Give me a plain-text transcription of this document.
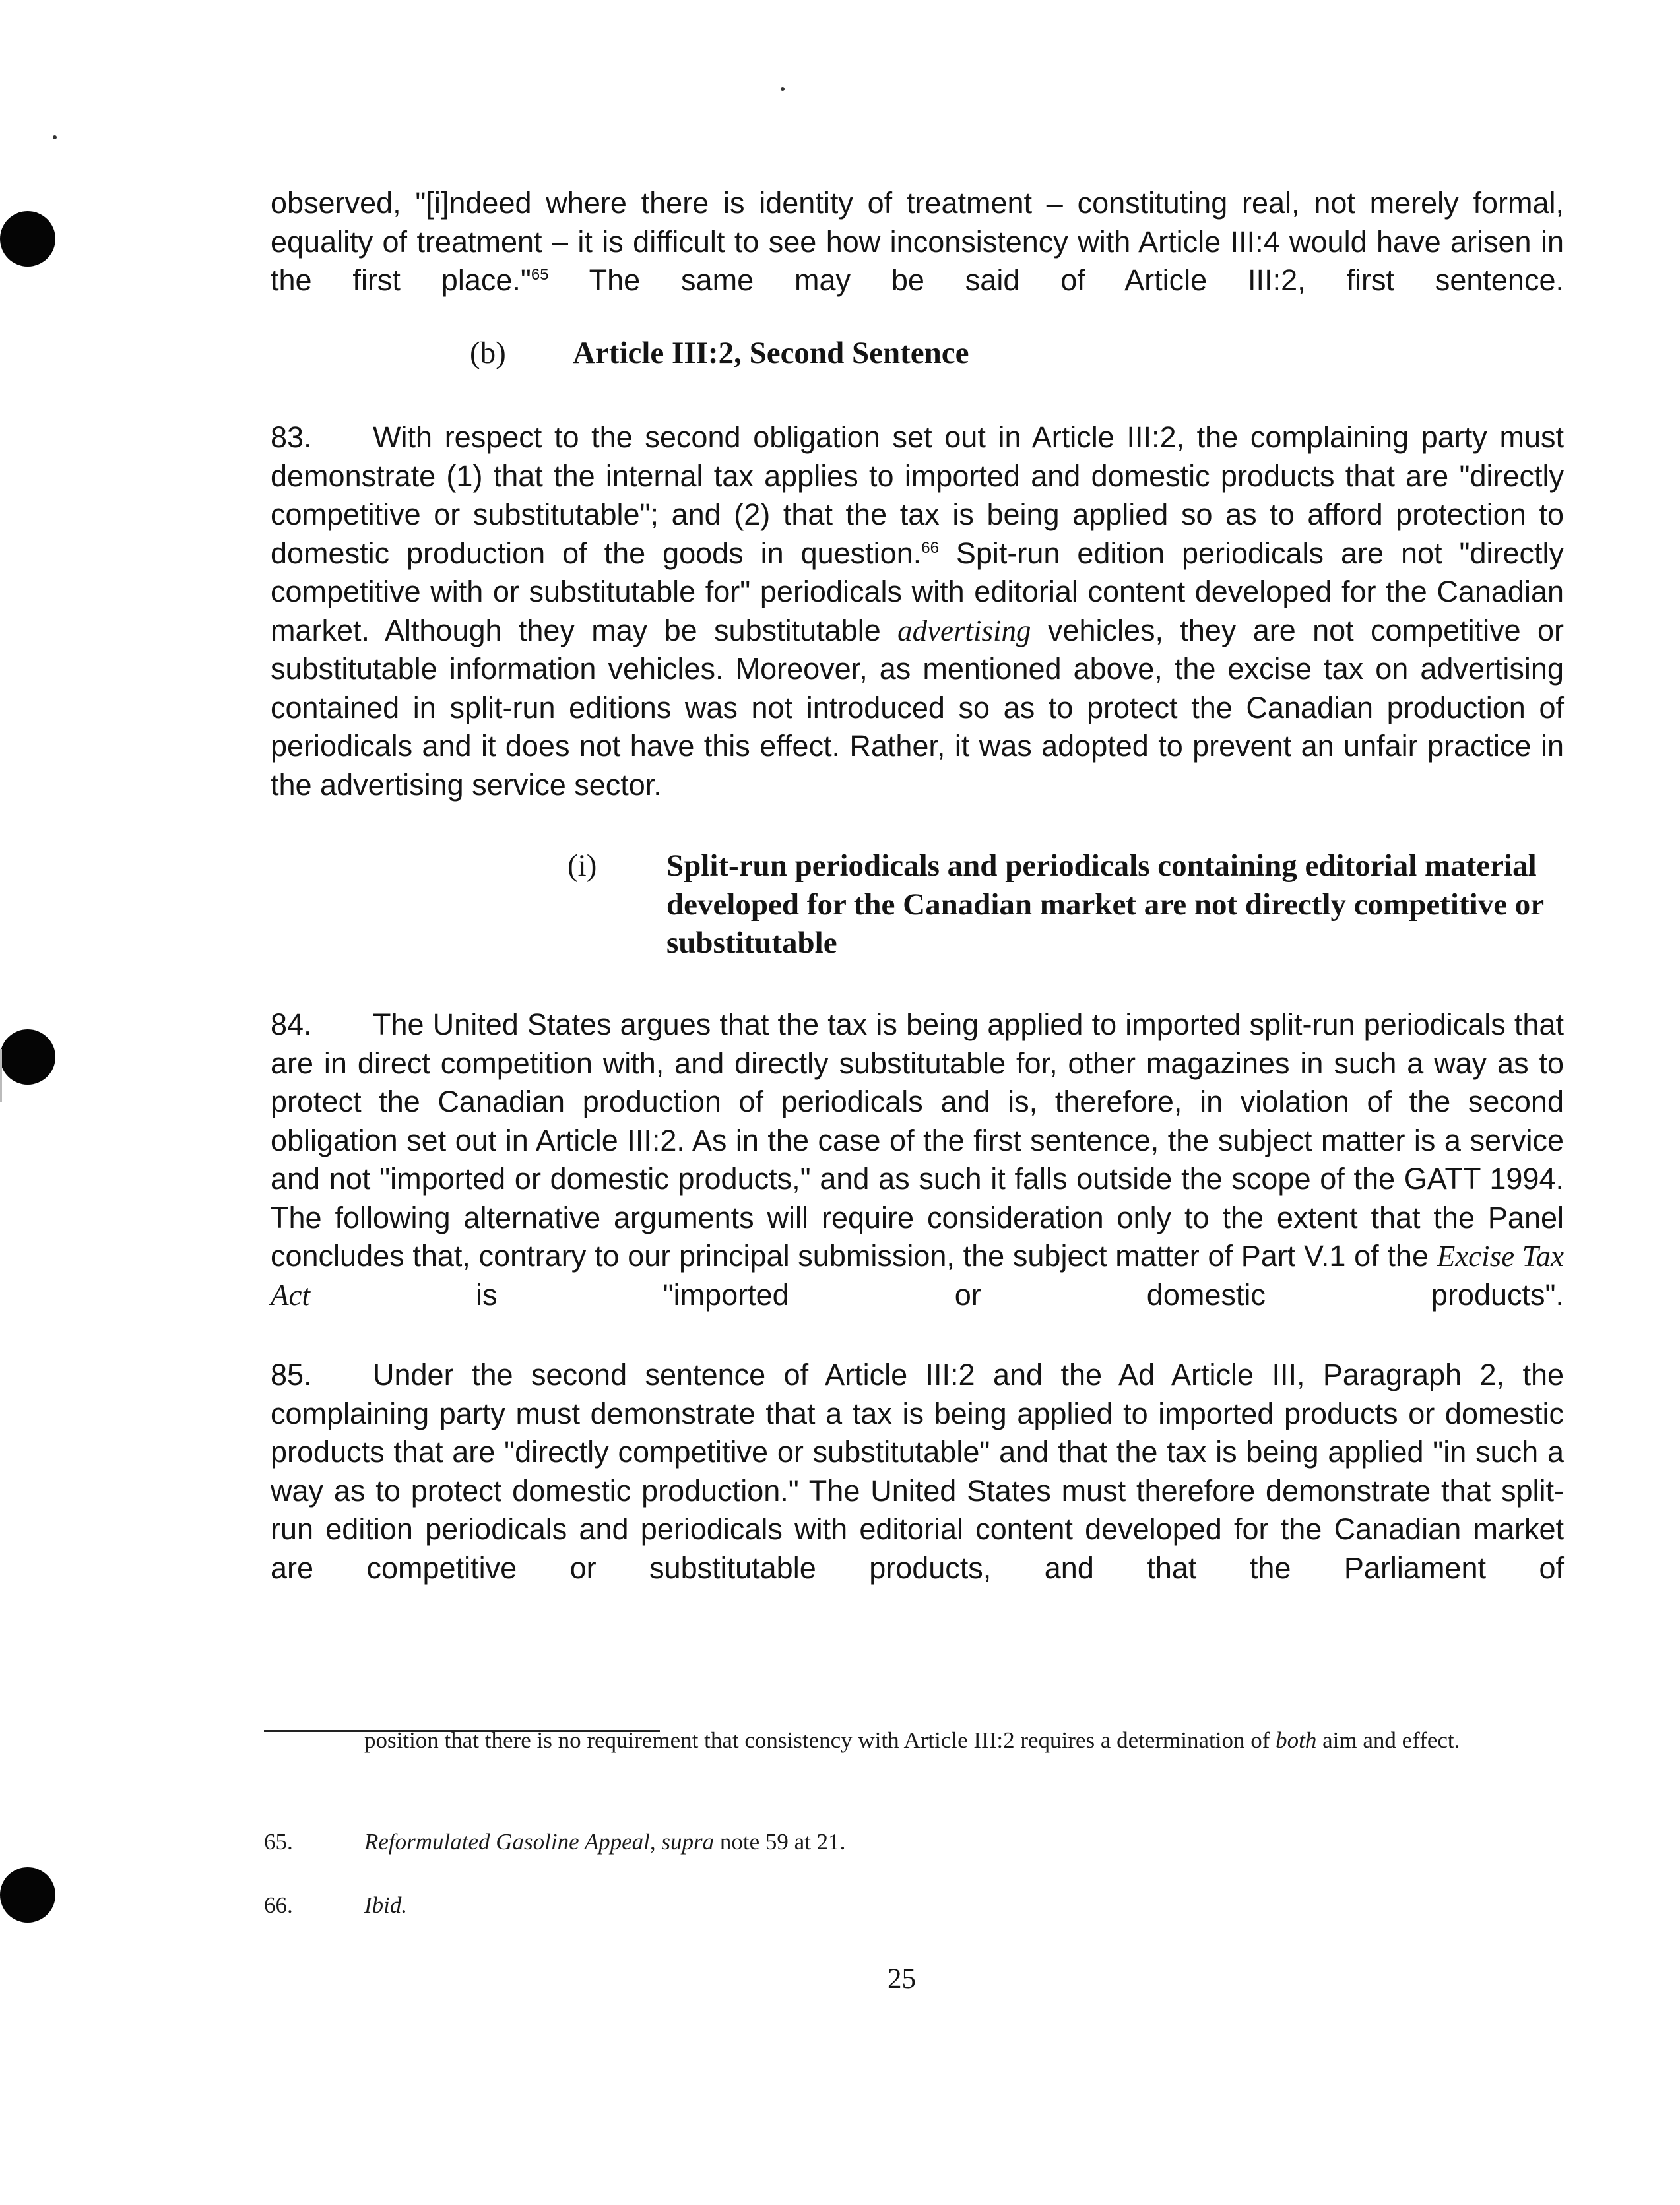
observed, "[i]ndeed where there is identity of treatment – constituting real, not merely formal, equality of treatment – it is difficult to see how inconsistency with Article III:4 would have arisen in the first place."$^{65}$ The same may be said of Article III:2, first sentence.

(b) Article III:2, Second Sentence

83. With respect to the second obligation set out in Article III:2, the complaining party must demonstrate (1) that the internal tax applies to imported and domestic products that are "directly competitive or substitutable"; and (2) that the tax is being applied so as to afford protection to domestic production of the goods in question.$^{66}$ Spit-run edition periodicals are not "directly competitive with or substitutable for" periodicals with editorial content developed for the Canadian market. Although they may be substitutable advertising vehicles, they are not competitive or substitutable information vehicles. Moreover, as mentioned above, the excise tax on advertising contained in split-run editions was not introduced so as to protect the Canadian production of periodicals and it does not have this effect. Rather, it was adopted to prevent an unfair practice in the advertising service sector.

(i) Split-run periodicals and periodicals containing editorial material developed for the Canadian market are not directly competitive or substitutable

84. The United States argues that the tax is being applied to imported split-run periodicals that are in direct competition with, and directly substitutable for, other magazines in such a way as to protect the Canadian production of periodicals and is, therefore, in violation of the second obligation set out in Article III:2. As in the case of the first sentence, the subject matter is a service and not "imported or domestic products," and as such it falls outside the scope of the GATT 1994. The following alternative arguments will require consideration only to the extent that the Panel concludes that, contrary to our principal submission, the subject matter of Part V.1 of the Excise Tax Act is "imported or domestic products".

85. Under the second sentence of Article III:2 and the Ad Article III, Paragraph 2, the complaining party must demonstrate that a tax is being applied to imported products or domestic products that are "directly competitive or substitutable" and that the tax is being applied "in such a way as to protect domestic production." The United States must therefore demonstrate that split-run edition periodicals and periodicals with editorial content developed for the Canadian market are competitive or substitutable products, and that the Parliament of

position that there is no requirement that consistency with Article III:2 requires a determination of both aim and effect.
65.	Reformulated Gasoline Appeal, supra note 59 at 21.
66.	Ibid.
25
